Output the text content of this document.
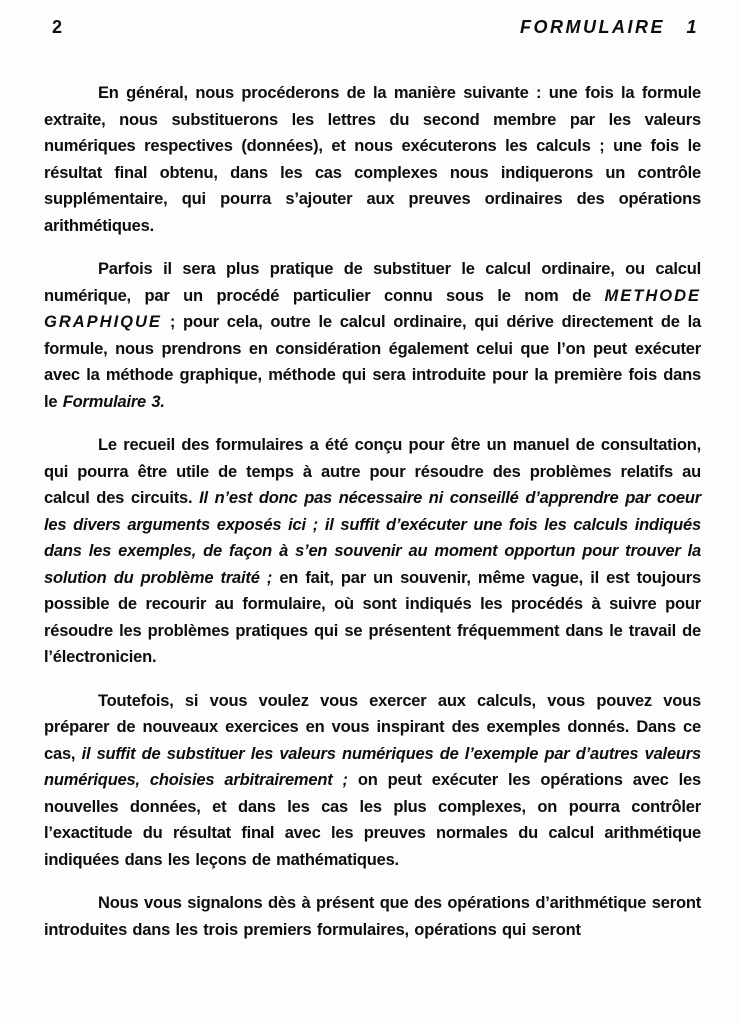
2	FORMULAIRE 1

En général, nous procéderons de la manière suivante : une fois la formule extraite, nous substituerons les lettres du second membre par les valeurs numériques respectives (données), et nous exécuterons les calculs ; une fois le résultat final obtenu, dans les cas complexes nous indiquerons un contrôle supplémentaire, qui pourra s’ajouter aux preuves ordinaires des opérations arithmétiques.

Parfois il sera plus pratique de substituer le calcul ordinaire, ou calcul numérique, par un procédé particulier connu sous le nom de METHODE GRAPHIQUE ; pour cela, outre le calcul ordinaire, qui dérive directement de la formule, nous prendrons en considération également celui que l’on peut exécuter avec la méthode graphique, méthode qui sera introduite pour la première fois dans le Formulaire 3.

Le recueil des formulaires a été conçu pour être un manuel de consultation, qui pourra être utile de temps à autre pour résoudre des problèmes relatifs au calcul des circuits. Il n’est donc pas nécessaire ni conseillé d’apprendre par coeur les divers arguments exposés ici ; il suffit d’exécuter une fois les calculs indiqués dans les exemples, de façon à s’en souvenir au moment opportun pour trouver la solution du problème traité ; en fait, par un souvenir, même vague, il est toujours possible de recourir au formulaire, où sont indiqués les procédés à suivre pour résoudre les problèmes pratiques qui se présentent fréquemment dans le travail de l’électronicien.

Toutefois, si vous voulez vous exercer aux calculs, vous pouvez vous préparer de nouveaux exercices en vous inspirant des exemples donnés. Dans ce cas, il suffit de substituer les valeurs numériques de l’exemple par d’autres valeurs numériques, choisies arbitrairement ; on peut exécuter les opérations avec les nouvelles données, et dans les cas les plus complexes, on pourra contrôler l’exactitude du résultat final avec les preuves normales du calcul arithmétique indiquées dans les leçons de mathématiques.

Nous vous signalons dès à présent que des opérations d’arithmétique seront introduites dans les trois premiers formulaires, opérations qui seront
